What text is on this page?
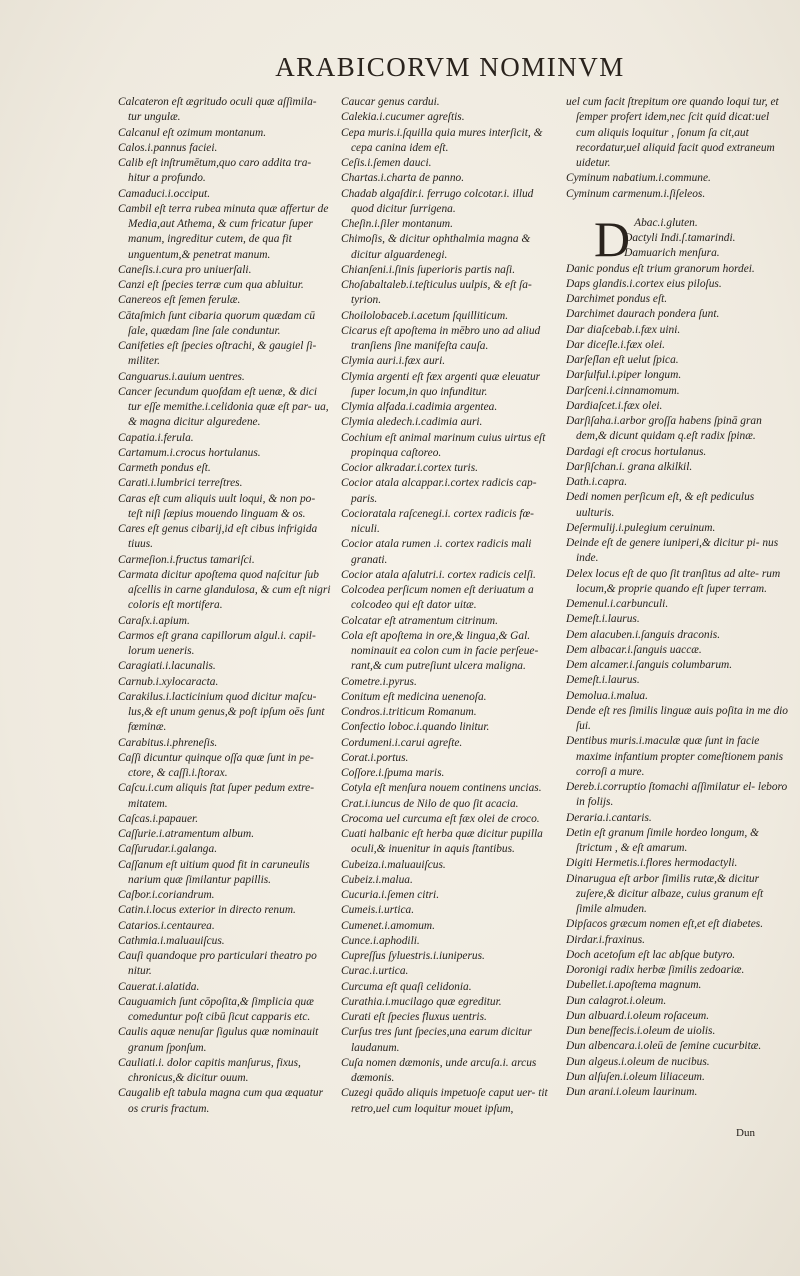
ARABICORVM NOMINVM

Calcateron eſt ægritudo oculi quæ aſſimila- tur ungulæ.

Calcanul eſt ozimum montanum.

Calos.i.pannus faciei.

Calib eſt inſtrumētum,quo caro addita tra- hitur a profundo.

Camaduci.i.occiput.

Cambil eſt terra rubea minuta quæ affertur de Media,aut Athema, & cum fricatur ſuper manum, ingreditur cutem, de qua fit unguentum,& penetrat manum.

Caneſis.i.cura pro uniuerſali.

Canzi eſt ſpecies terræ cum qua abluitur.

Canereos eſt ſemen ferulæ.

Cātaſmich ſunt cibaria quorum quædam cū ſale, quædam ſine ſale conduntur.

Canifeties eſt ſpecies oſtrachi, & gaugiel ſi- militer.

Canguarus.i.auium uentres.

Cancer ſecundum quoſdam eſt uenæ, & dici tur eſſe memithe.i.celidonia quæ eſt par- ua, & magna dicitur alguredene.

Capatia.i.ferula.

Cartamum.i.crocus hortulanus.

Carmeth pondus eſt.

Carati.i.lumbrici terreſtres.

Caras eſt cum aliquis uult loqui, & non po- teſt niſi ſæpius mouendo linguam & os.

Cares eſt genus cibarij,id eſt cibus infrigida tiuus.

Carmeſion.i.fructus tamariſci.

Carmata dicitur apoſtema quod naſcitur ſub aſcellis in carne glandulosa, & cum eſt nigri coloris eſt mortifera.

Caraſx.i.apium.

Carmos eſt grana capillorum algul.i. capil- lorum ueneris.

Caragiati.i.lacunalis.

Carnub.i.xylocaracta.

Carakilus.i.lacticinium quod dicitur maſcu- lus,& eſt unum genus,& poſt ipſum oēs ſunt fœminæ.

Carabitus.i.phreneſis.

Caſſi dicuntur quinque oſſa quæ ſunt in pe- ctore, & caſſi.i.ſtorax.

Caſcu.i.cum aliquis ſtat ſuper pedum extre- mitatem.

Caſcas.i.papauer.

Caſſurie.i.atramentum album.

Caſſurudar.i.galanga.

Caſſanum eſt uitium quod fit in caruneulis narium quæ ſimilantur papillis.

Caſbor.i.coriandrum.

Catin.i.locus exterior in directo renum.

Catarios.i.centaurea.

Cathmia.i.maluauiſcus.

Cauſi quandoque pro particulari theatro po nitur.

Cauerat.i.alatida.

Cauguamich ſunt cōpoſita,& ſimplicia quæ comeduntur poſt cibū ſicut capparis etc.

Caulis aquæ nenuſar ſigulus quæ nominauit granum ſponſum.

Cauliati.i. dolor capitis manſurus, fixus, chronicus,& dicitur ouum.

Caugalib eſt tabula magna cum qua æquatur os cruris fractum.

Caucar genus cardui.

Calekia.i.cucumer agreſtis.

Cepa muris.i.ſquilla quia mures interſicit, & cepa canina idem eſt.

Ceſis.i.ſemen dauci.

Chartas.i.charta de panno.

Chadab algaſdir.i. ferrugo colcotar.i. illud quod dicitur ſurrigena.

Cheſin.i.ſiler montanum.

Chimoſis, & dicitur ophthalmia magna & dicitur alguardenegi.

Chianſeni.i.ſinis ſuperioris partis naſi.

Choſabaltaleb.i.teſticulus uulpis, & eſt ſa- tyrion.

Choilolobaceb.i.acetum ſquilliticum.

Cicarus eſt apoſtema in mēbro uno ad aliud tranſiens ſine manifeſta cauſa.

Clymia auri.i.fæx auri.

Clymia argenti eſt fæx argenti quæ eleuatur ſuper locum,in quo infunditur.

Clymia alfada.i.cadimia argentea.

Clymia aledech.i.cadimia auri.

Cochium eſt animal marinum cuius uirtus eſt propinqua caſtoreo.

Cocior alkradar.i.cortex turis.

Cocior atala alcappar.i.cortex radicis cap- paris.

Cocioratala raſcenegi.i. cortex radicis fœ- niculi.

Cocior atala rumen .i. cortex radicis mali granati.

Cocior atala aſalutri.i. cortex radicis celſi.

Colcodea perſicum nomen eſt deriuatum a colcodeo qui eſt dator uitæ.

Colcatar eſt atramentum citrinum.

Cola eſt apoſtema in ore,& lingua,& Gal. nominauit ea colon cum in facie perſeue- rant,& cum putreſiunt ulcera maligna.

Cometre.i.pyrus.

Conitum eſt medicina uenenoſa.

Condros.i.triticum Romanum.

Confectio loboc.i.quando linitur.

Cordumeni.i.carui agreſte.

Corat.i.portus.

Coſſore.i.ſpuma maris.

Cotyla eſt menſura nouem continens uncias.

Crat.i.iuncus de Nilo de quo ſit acacia.

Crocoma uel curcuma eſt fæx olei de croco.

Cuati halbanic eſt herba quæ dicitur pupilla oculi,& inuenitur in aquis ſtantibus.

Cubeiza.i.maluauiſcus.

Cubeiz.i.malua.

Cucuria.i.ſemen citri.

Cumeis.i.urtica.

Cumenet.i.amomum.

Cunce.i.aphodili.

Cupreſſus ſyluestris.i.iuniperus.

Curac.i.urtica.

Curcuma eſt quaſi celidonia.

Curathia.i.mucilago quæ egreditur.

Curati eſt ſpecies fluxus uentris.

Curſus tres ſunt ſpecies,una earum dicitur laudanum.

Cuſa nomen dæmonis, unde arcuſa.i. arcus dæmonis.

Cuzegi quādo aliquis impetuoſe caput uer- tit retro,uel cum loquitur mouet ipſum,

uel cum facit ſtrepitum ore quando loqui tur, et ſemper profert idem,nec ſcit quid dicat:uel cum aliquis loquitur , ſonum ſa cit,aut recordatur,uel aliquid facit quod extraneum uidetur.

Cyminum nabatium.i.commune.

Cyminum carmenum.i.ſiſeleos.

D Abac.i.gluten.

Dactyli Indi.ſ.tamarindi.

Damuarich menſura.

Danic pondus eſt trium granorum hordei.

Daps glandis.i.cortex eius piloſus.

Darchimet pondus eſt.

Darchimet daurach pondera ſunt.

Dar diaſcebab.i.fæx uini.

Dar diceſle.i.fæx olei.

Darſeſlan eſt uelut ſpica.

Darſulful.i.piper longum.

Darſceni.i.cinnamomum.

Dardiaſcet.i.fæx olei.

Darſiſaha.i.arbor groſſa habens ſpinā gran dem,& dicunt quidam q.eſt radix ſpinæ.

Dardagi eſt crocus hortulanus.

Darſiſchan.i. grana alkilkil.

Dath.i.capra.

Dedi nomen perſicum eſt, & eſt pediculus uulturis.

Deſermulij.i.pulegium ceruinum.

Deinde eſt de genere iuniperi,& dicitur pi- nus inde.

Delex locus eſt de quo ſit tranſitus ad alte- rum locum,& proprie quando eſt ſuper terram.

Demenul.i.carbunculi.

Demeſt.i.laurus.

Dem alacuben.i.ſanguis draconis.

Dem albacar.i.ſanguis uaccæ.

Dem alcamer.i.ſanguis columbarum.

Demeſt.i.laurus.

Demolua.i.malua.

Dende eſt res ſimilis linguæ auis poſita in me dio ſui.

Dentibus muris.i.maculæ quæ ſunt in facie maxime infantium propter comeſtionem panis corroſi a mure.

Dereb.i.corruptio ſtomachi aſſimilatur el- leboro in folijs.

Deraria.i.cantaris.

Detin eſt granum ſimile hordeo longum, & ſtrictum , & eſt amarum.

Digiti Hermetis.i.flores hermodactyli.

Dinarugua eſt arbor ſimilis rutæ,& dicitur zuſere,& dicitur albaze, cuius granum eſt ſimile almuden.

Dipſacos græcum nomen eſt,et eſt diabetes.

Dirdar.i.fraxinus.

Doch acetoſum eſt lac abſque butyro.

Doronigi radix herbæ ſimilis zedoariæ.

Dubellet.i.apoſtema magnum.

Dun calagrot.i.oleum.

Dun albuard.i.oleum roſaceum.

Dun beneſfecis.i.oleum de uiolis.

Dun albencara.i.oleū de ſemine cucurbitæ.

Dun algeus.i.oleum de nucibus.

Dun alſuſen.i.oleum liliaceum.

Dun arani.i.oleum laurinum.

Dun
